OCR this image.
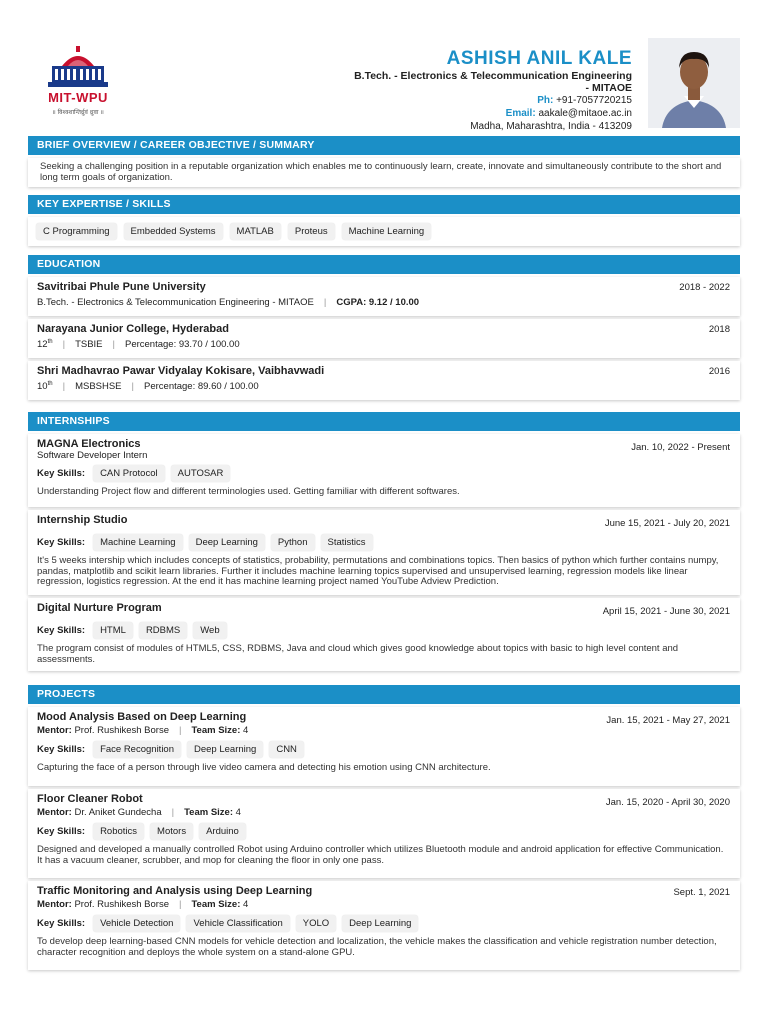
MIT-WPU
॥ विश्वशान्तिर्ध्रुवं ध्रुवा ॥
ASHISH ANIL KALE
B.Tech. - Electronics & Telecommunication Engineering
- MITAOE
Ph: +91-7057720215
Email: aakale@mitaoe.ac.in
Madha, Maharashtra, India - 413209
BRIEF OVERVIEW / CAREER OBJECTIVE / SUMMARY
Seeking a challenging position in a reputable organization which enables me to continuously learn, create, innovate and simultaneously contribute to the short and long term goals of organization.
KEY EXPERTISE / SKILLS
C Programming	Embedded Systems	MATLAB	Proteus	Machine Learning
EDUCATION
Savitribai Phule Pune University	2018 - 2022
B.Tech. - Electronics & Telecommunication Engineering - MITAOE | CGPA: 9.12 / 10.00
Narayana Junior College, Hyderabad	2018
12th | TSBIE | Percentage: 93.70 / 100.00
Shri Madhavrao Pawar Vidyalay Kokisare, Vaibhavwadi	2016
10th | MSBSHSE | Percentage: 89.60 / 100.00
INTERNSHIPS
MAGNA Electronics	Jan. 10, 2022 - Present
Software Developer Intern
Key Skills:	CAN Protocol	AUTOSAR
Understanding Project flow and different terminologies used. Getting familiar with different softwares.
Internship Studio	June 15, 2021 - July 20, 2021
Key Skills:	Machine Learning	Deep Learning	Python	Statistics
It's 5 weeks intership which includes concepts of statistics, probability, permutations and combinations topics. Then basics of python which further contains numpy, pandas, matplotlib and scikit learn libraries. Further it includes machine learning topics supervised and unsupervised learning, regression models like linear regression, logistics regression. At the end it has machine learning project named YouTube Adview Prediction.
Digital Nurture Program	April 15, 2021 - June 30, 2021
Key Skills:	HTML	RDBMS	Web
The program consist of modules of HTML5, CSS, RDBMS, Java and cloud which gives good knowledge about topics with basic to high level content and assessments.
PROJECTS
Mood Analysis Based on Deep Learning	Jan. 15, 2021 - May 27, 2021
Mentor: Prof. Rushikesh Borse | Team Size: 4
Key Skills:	Face Recognition	Deep Learning	CNN
Capturing the face of a person through live video camera and detecting his emotion using CNN architecture.
Floor Cleaner Robot	Jan. 15, 2020 - April 30, 2020
Mentor: Dr. Aniket Gundecha | Team Size: 4
Key Skills:	Robotics	Motors	Arduino
Designed and developed a manually controlled Robot using Arduino controller which utilizes Bluetooth module and android application for effective Communication. It has a vacuum cleaner, scrubber, and mop for cleaning the floor in only one pass.
Traffic Monitoring and Analysis using Deep Learning	Sept. 1, 2021
Mentor: Prof. Rushikesh Borse | Team Size: 4
Key Skills:	Vehicle Detection	Vehicle Classification	YOLO	Deep Learning
To develop deep learning-based CNN models for vehicle detection and localization, the vehicle makes the classification and vehicle registration number detection, character recognition and deploys the whole system on a stand-alone GPU.
